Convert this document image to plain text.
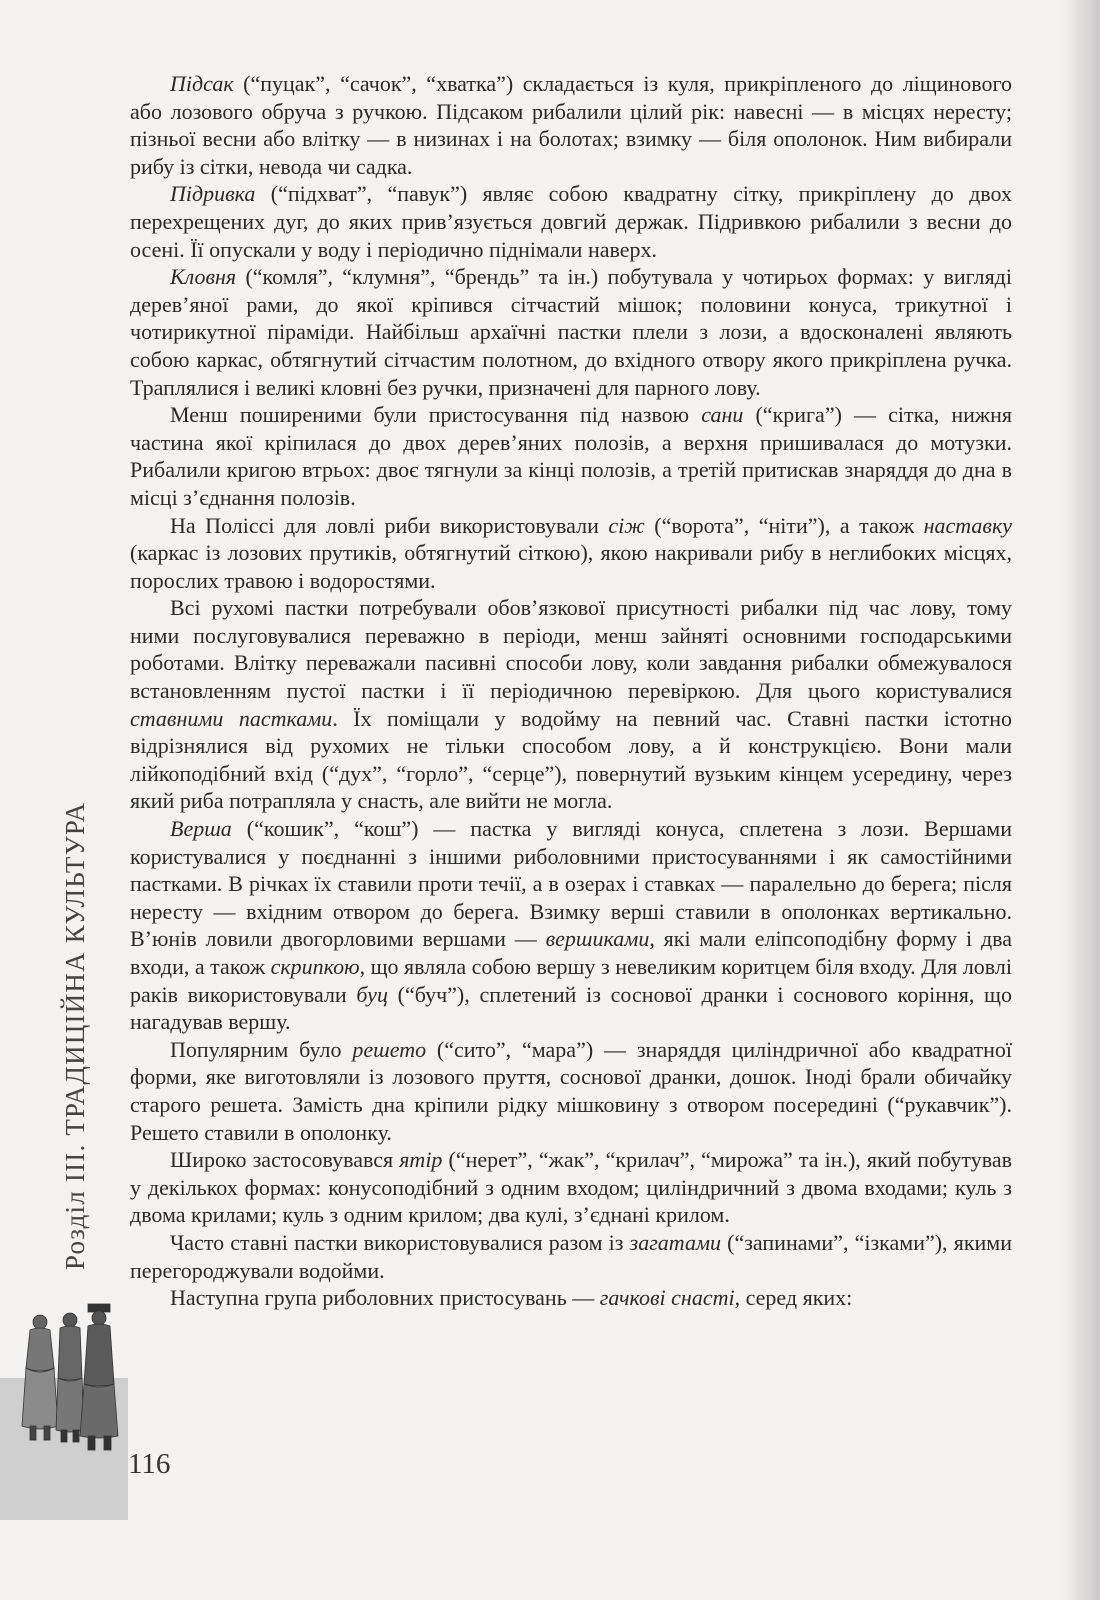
Розділ III. ТРАДИЦІЙНА КУЛЬТУРА

Підсак (“пуцак”, “сачок”, “хватка”) складається із куля, прикріпленого до ліщинового або лозового обруча з ручкою. Підсаком рибалили цілий рік: навесні — в місцях нересту; пізньої весни або влітку — в низинах і на болотах; взимку — біля ополонок. Ним вибирали рибу із сітки, невода чи садка.

Підривка (“підхват”, “павук”) являє собою квадратну сітку, прикріплену до двох перехрещених дуг, до яких прив’язується довгий держак. Підривкою рибалили з весни до осені. Її опускали у воду і періодично піднімали наверх.

Кловня (“комля”, “клумня”, “брендь” та ін.) побутувала у чотирьох формах: у вигляді дерев’яної рами, до якої кріпився сітчастий мішок; половини конуса, трикутної і чотирикутної піраміди. Найбільш архаїчні пастки плели з лози, а вдосконалені являють собою каркас, обтягнутий сітчастим полотном, до вхідного отвору якого прикріплена ручка. Траплялися і великі кловні без ручки, призначені для парного лову.

Менш поширеними були пристосування під назвою сани (“крига”) — сітка, нижня частина якої кріпилася до двох дерев’яних полозів, а верхня пришивалася до мотузки. Рибалили кригою втрьох: двоє тягнули за кінці полозів, а третій притискав знаряддя до дна в місці з’єднання полозів.

На Поліссі для ловлі риби використовували сіж (“ворота”, “ніти”), а також наставку (каркас із лозових прутиків, обтягнутий сіткою), якою накривали рибу в неглибоких місцях, порослих травою і водоростями.

Всі рухомі пастки потребували обов’язкової присутності рибалки під час лову, тому ними послуговувалися переважно в періоди, менш зайняті основними господарськими роботами. Влітку переважали пасивні способи лову, коли завдання рибалки обмежувалося встановленням пустої пастки і її періодичною перевіркою. Для цього користувалися ставними пастками. Їх поміщали у водойму на певний час. Ставні пастки істотно відрізнялися від рухомих не тільки способом лову, а й конструкцією. Вони мали лійкоподібний вхід (“дух”, “горло”, “серце”), повернутий вузьким кінцем усередину, через який риба потрапляла у снасть, але вийти не могла.

Верша (“кошик”, “кош”) — пастка у вигляді конуса, сплетена з лози. Вершами користувалися у поєднанні з іншими риболовними пристосуваннями і як самостійними пастками. В річках їх ставили проти течії, а в озерах і ставках — паралельно до берега; після нересту — вхідним отвором до берега. Взимку верші ставили в ополонках вертикально. В’юнів ловили двогорловими вершами — вершиками, які мали еліпсоподібну форму і два входи, а також скрипкою, що являла собою вершу з невеликим коритцем біля входу. Для ловлі раків використовували буц (“буч”), сплетений із соснової дранки і соснового коріння, що нагадував вершу.

Популярним було решето (“сито”, “мара”) — знаряддя циліндричної або квадратної форми, яке виготовляли із лозового пруття, соснової дранки, дошок. Іноді брали обичайку старого решета. Замість дна кріпили рідку мішковину з отвором посередині (“рукавчик”). Решето ставили в ополонку.

Широко застосовувався ятір (“нерет”, “жак”, “крилач”, “мирожа” та ін.), який побутував у декількох формах: конусоподібний з одним входом; циліндричний з двома входами; куль з двома крилами; куль з одним крилом; два кулі, з’єднані крилом.

Часто ставні пастки використовувалися разом із загатами (“запинами”, “ізками”), якими перегороджували водойми.

Наступна група риболовних пристосувань — гачкові снасті, серед яких:

116
